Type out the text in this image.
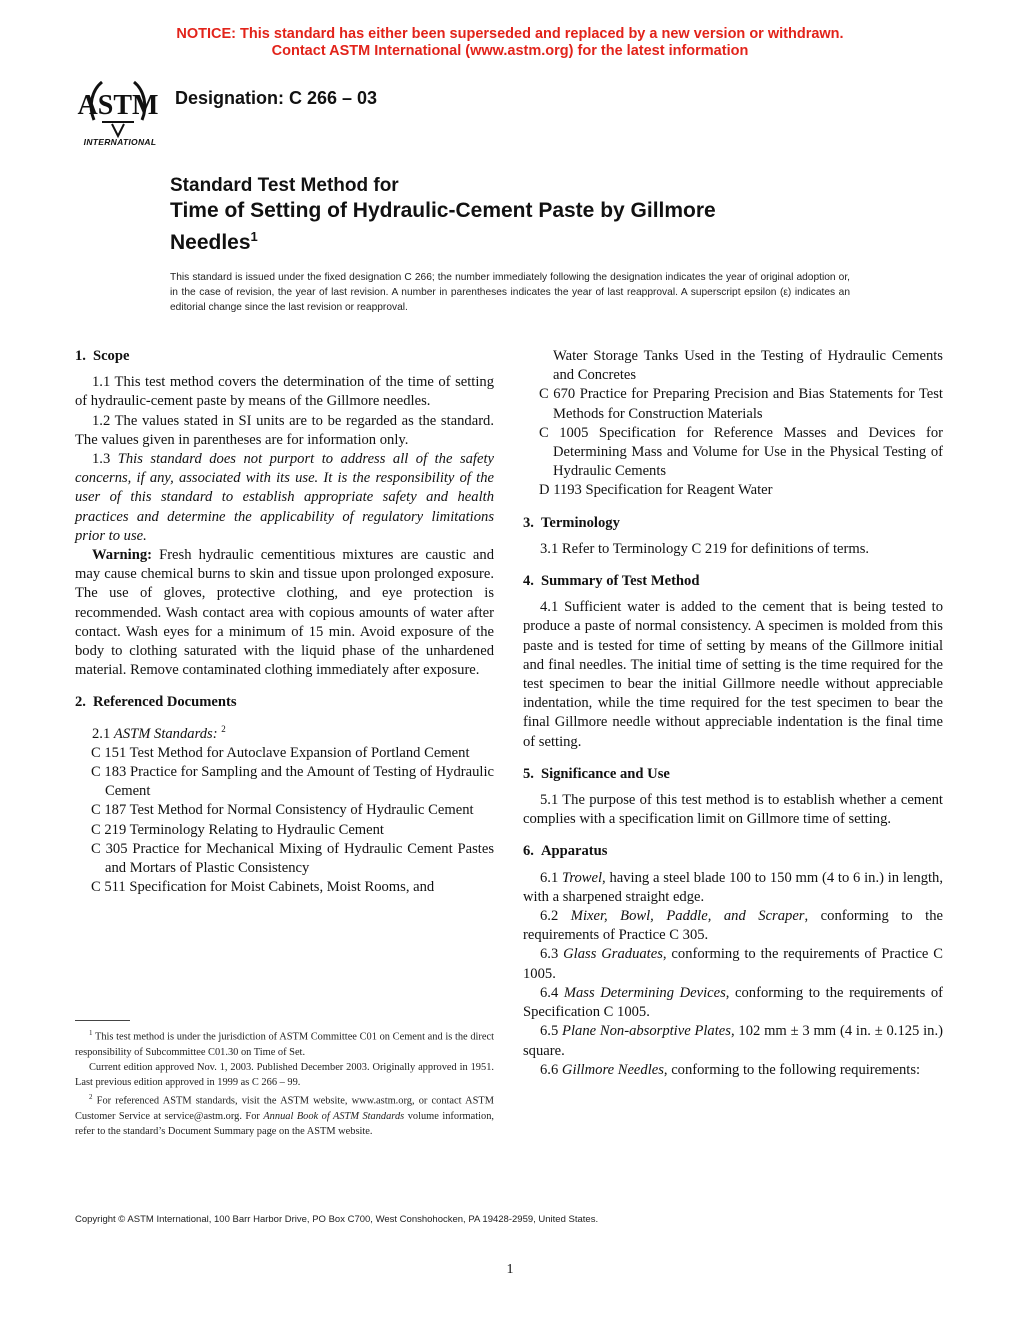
NOTICE: This standard has either been superseded and replaced by a new version or withdrawn.
Contact ASTM International (www.astm.org) for the latest information
ASTM
INTERNATIONAL
Designation: C 266 – 03
Standard Test Method for
Time of Setting of Hydraulic-Cement Paste by Gillmore
Needles$^1$
This standard is issued under the fixed designation C 266; the number immediately following the designation indicates the year of original adoption or, in the case of revision, the year of last revision. A number in parentheses indicates the year of last reapproval. A superscript epsilon (ε) indicates an editorial change since the last revision or reapproval.
1. Scope

1.1 This test method covers the determination of the time of setting of hydraulic-cement paste by means of the Gillmore needles.

1.2 The values stated in SI units are to be regarded as the standard. The values given in parentheses are for information only.

1.3 This standard does not purport to address all of the safety concerns, if any, associated with its use. It is the responsibility of the user of this standard to establish appropriate safety and health practices and determine the applicability of regulatory limitations prior to use.

Warning: Fresh hydraulic cementitious mixtures are caustic and may cause chemical burns to skin and tissue upon prolonged exposure. The use of gloves, protective clothing, and eye protection is recommended. Wash contact area with copious amounts of water after contact. Wash eyes for a minimum of 15 min. Avoid exposure of the body to clothing saturated with the liquid phase of the unhardened material. Remove contaminated clothing immediately after exposure.

2. Referenced Documents

2.1 ASTM Standards: $^2$

C 151 Test Method for Autoclave Expansion of Portland Cement

C 183 Practice for Sampling and the Amount of Testing of Hydraulic Cement

C 187 Test Method for Normal Consistency of Hydraulic Cement

C 219 Terminology Relating to Hydraulic Cement

C 305 Practice for Mechanical Mixing of Hydraulic Cement Pastes and Mortars of Plastic Consistency

C 511 Specification for Moist Cabinets, Moist Rooms, and

Water Storage Tanks Used in the Testing of Hydraulic Cements and Concretes

C 670 Practice for Preparing Precision and Bias Statements for Test Methods for Construction Materials

C 1005 Specification for Reference Masses and Devices for Determining Mass and Volume for Use in the Physical Testing of Hydraulic Cements

D 1193 Specification for Reagent Water

3. Terminology

3.1 Refer to Terminology C 219 for definitions of terms.

4. Summary of Test Method

4.1 Sufficient water is added to the cement that is being tested to produce a paste of normal consistency. A specimen is molded from this paste and is tested for time of setting by means of the Gillmore initial and final needles. The initial time of setting is the time required for the test specimen to bear the initial Gillmore needle without appreciable indentation, while the time required for the test specimen to bear the final Gillmore needle without appreciable indentation is the final time of setting.

5. Significance and Use

5.1 The purpose of this test method is to establish whether a cement complies with a specification limit on Gillmore time of setting.

6. Apparatus

6.1 Trowel, having a steel blade 100 to 150 mm (4 to 6 in.) in length, with a sharpened straight edge.

6.2 Mixer, Bowl, Paddle, and Scraper, conforming to the requirements of Practice C 305.

6.3 Glass Graduates, conforming to the requirements of Practice C 1005.

6.4 Mass Determining Devices, conforming to the requirements of Specification C 1005.

6.5 Plane Non-absorptive Plates, 102 mm ± 3 mm (4 in. ± 0.125 in.) square.

6.6 Gillmore Needles, conforming to the following requirements:

$^1$ This test method is under the jurisdiction of ASTM Committee C01 on Cement and is the direct responsibility of Subcommittee C01.30 on Time of Set.

Current edition approved Nov. 1, 2003. Published December 2003. Originally approved in 1951. Last previous edition approved in 1999 as C 266 – 99.

$^2$ For referenced ASTM standards, visit the ASTM website, www.astm.org, or contact ASTM Customer Service at service@astm.org. For Annual Book of ASTM Standards volume information, refer to the standard’s Document Summary page on the ASTM website.

Copyright © ASTM International, 100 Barr Harbor Drive, PO Box C700, West Conshohocken, PA 19428-2959, United States.
1
